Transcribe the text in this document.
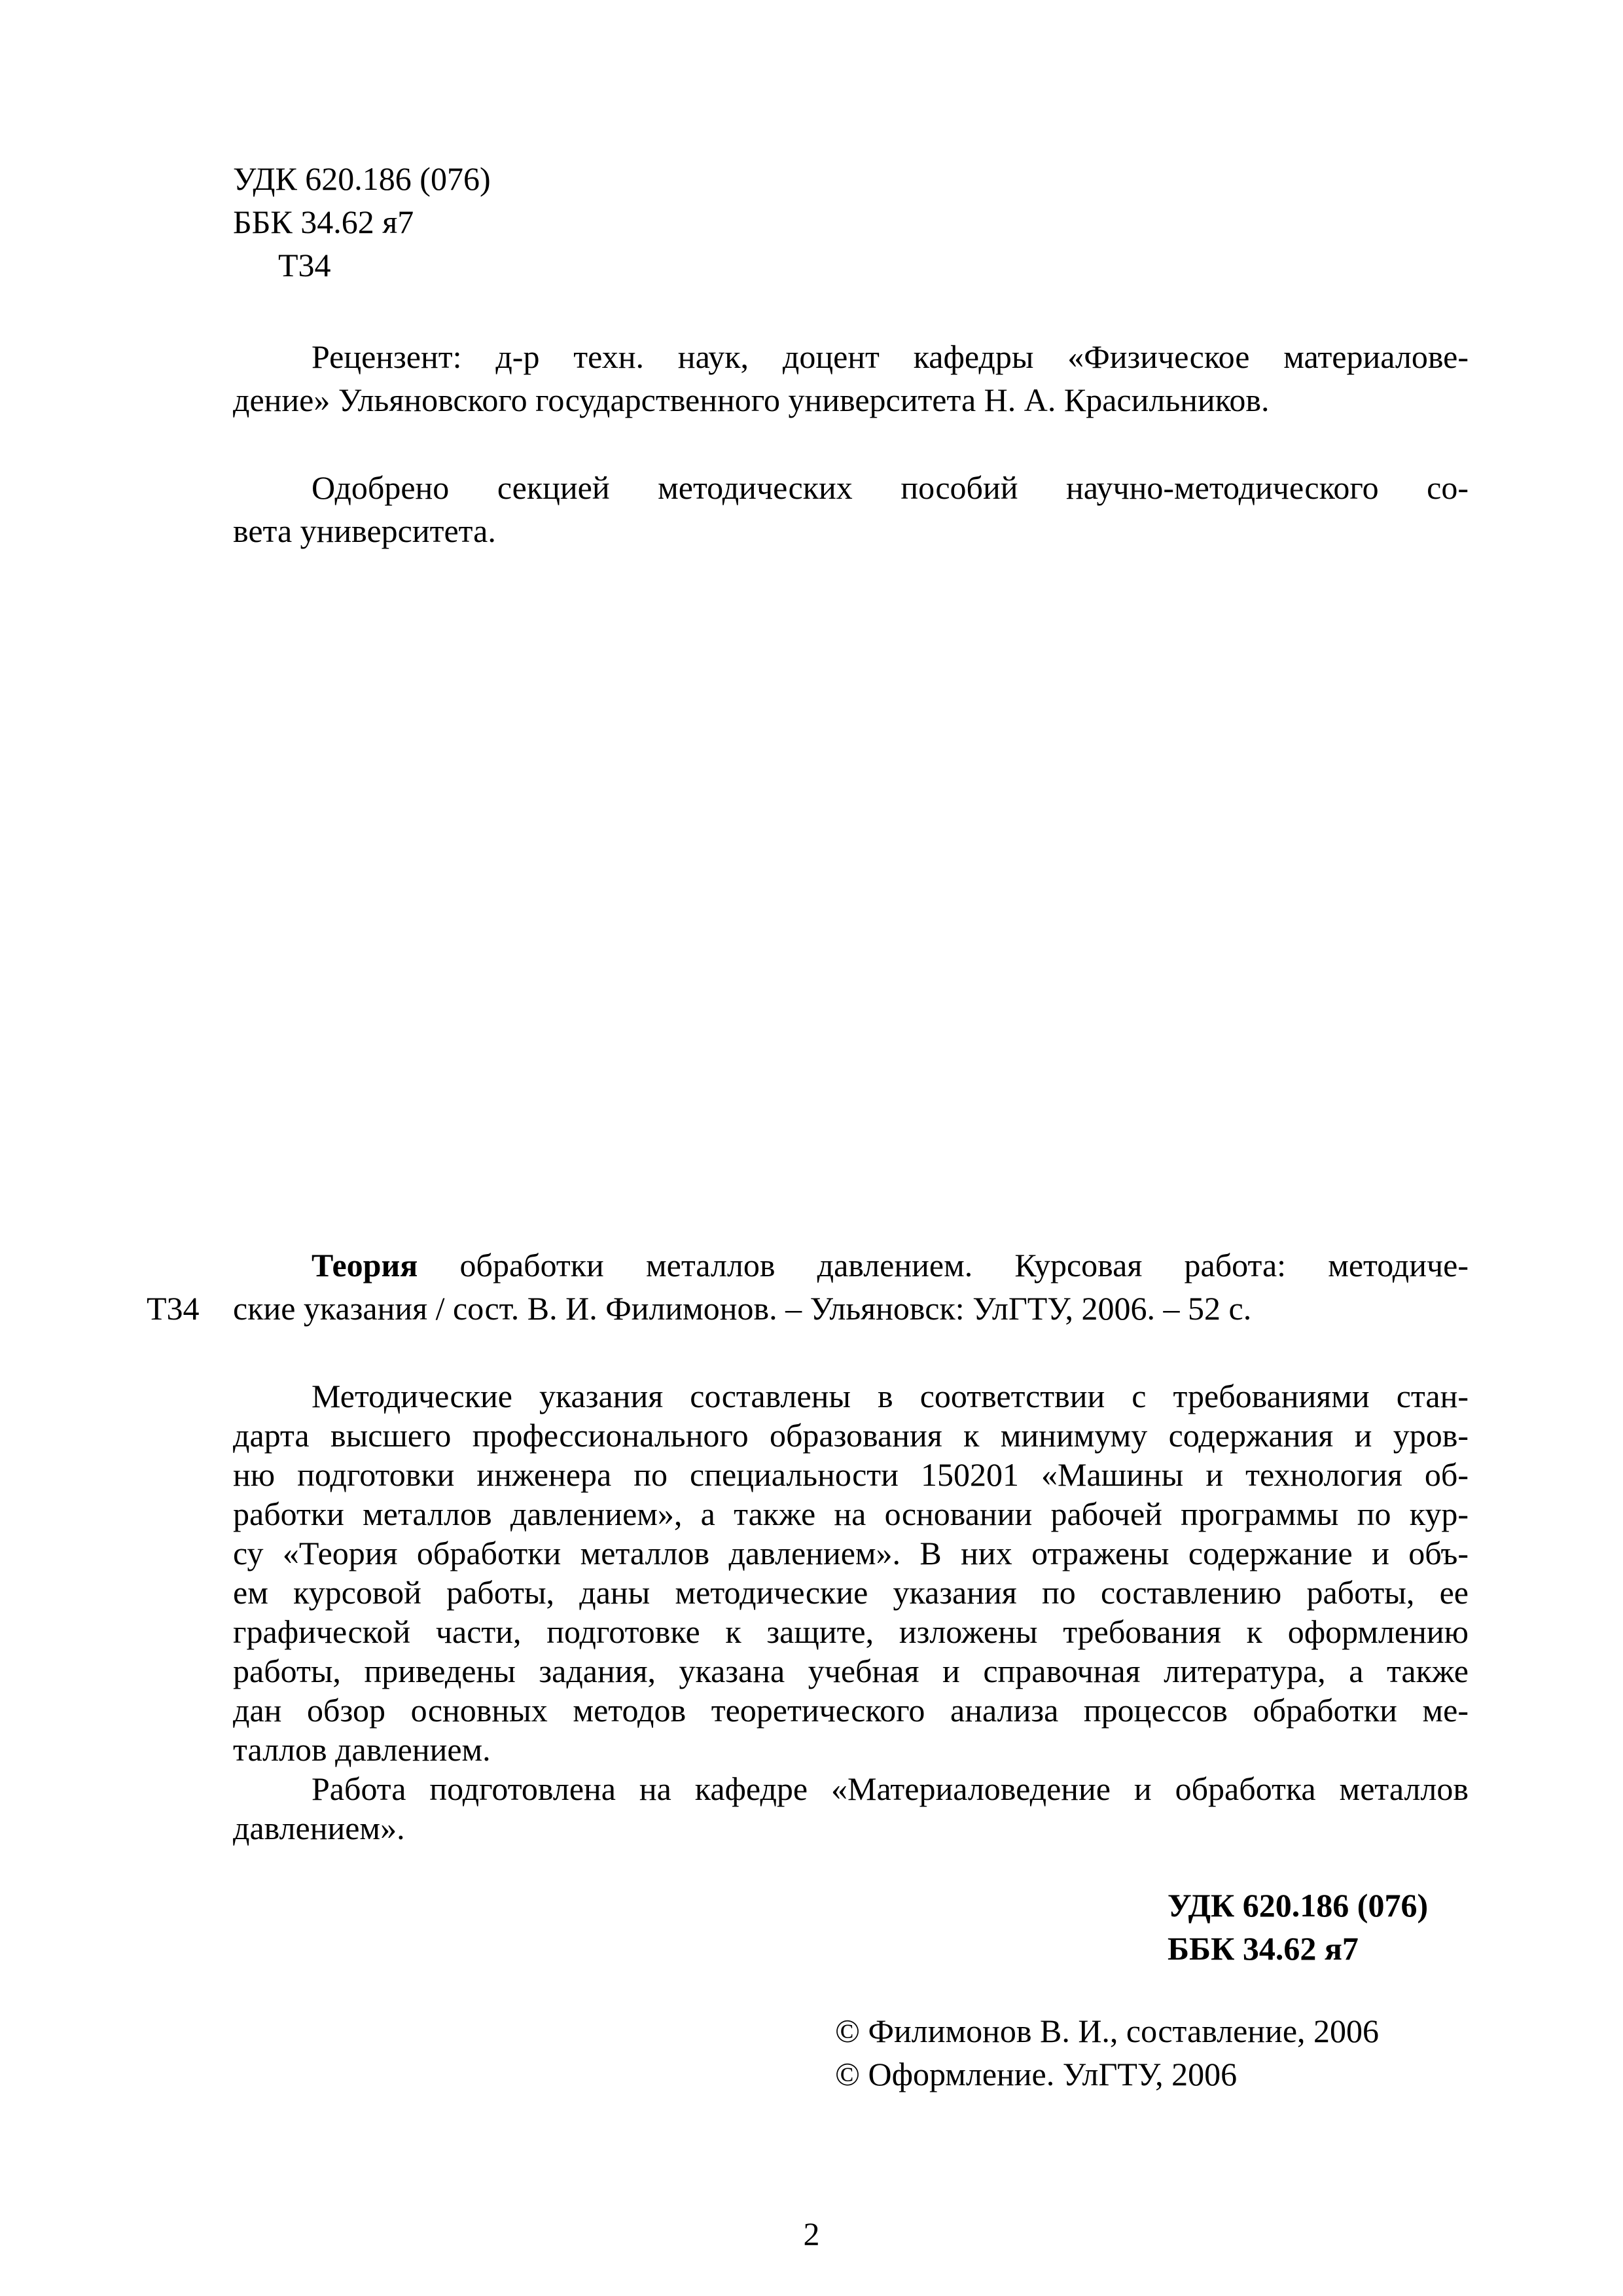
УДК 620.186 (076)
ББК 34.62 я7
Т34
Рецензент: д-р техн. наук, доцент кафедры «Физическое материалове-
дение» Ульяновского государственного университета Н. А. Красильников.
Одобрено секцией методических пособий научно-методического со-
вета университета.
Теория обработки металлов давлением. Курсовая работа: методиче-
Т34 ские указания / сост. В. И. Филимонов. – Ульяновск: УлГТУ, 2006. – 52 с.
Методические указания составлены в соответствии с требованиями стан-
дарта высшего профессионального образования к минимуму содержания и уров-
ню подготовки инженера по специальности 150201 «Машины и технология об-
работки металлов давлением», а также на основании рабочей программы по кур-
су «Теория обработки металлов давлением». В них отражены содержание и объ-
ем курсовой работы, даны методические указания по составлению работы, ее
графической части, подготовке к защите, изложены требования к оформлению
работы, приведены задания, указана учебная и справочная литература, а также
дан обзор основных методов теоретического анализа процессов обработки ме-
таллов давлением.
Работа подготовлена на кафедре «Материаловедение и обработка металлов
давлением».
УДК 620.186 (076)
ББК 34.62 я7
© Филимонов В. И., составление, 2006
© Оформление. УлГТУ, 2006
2
